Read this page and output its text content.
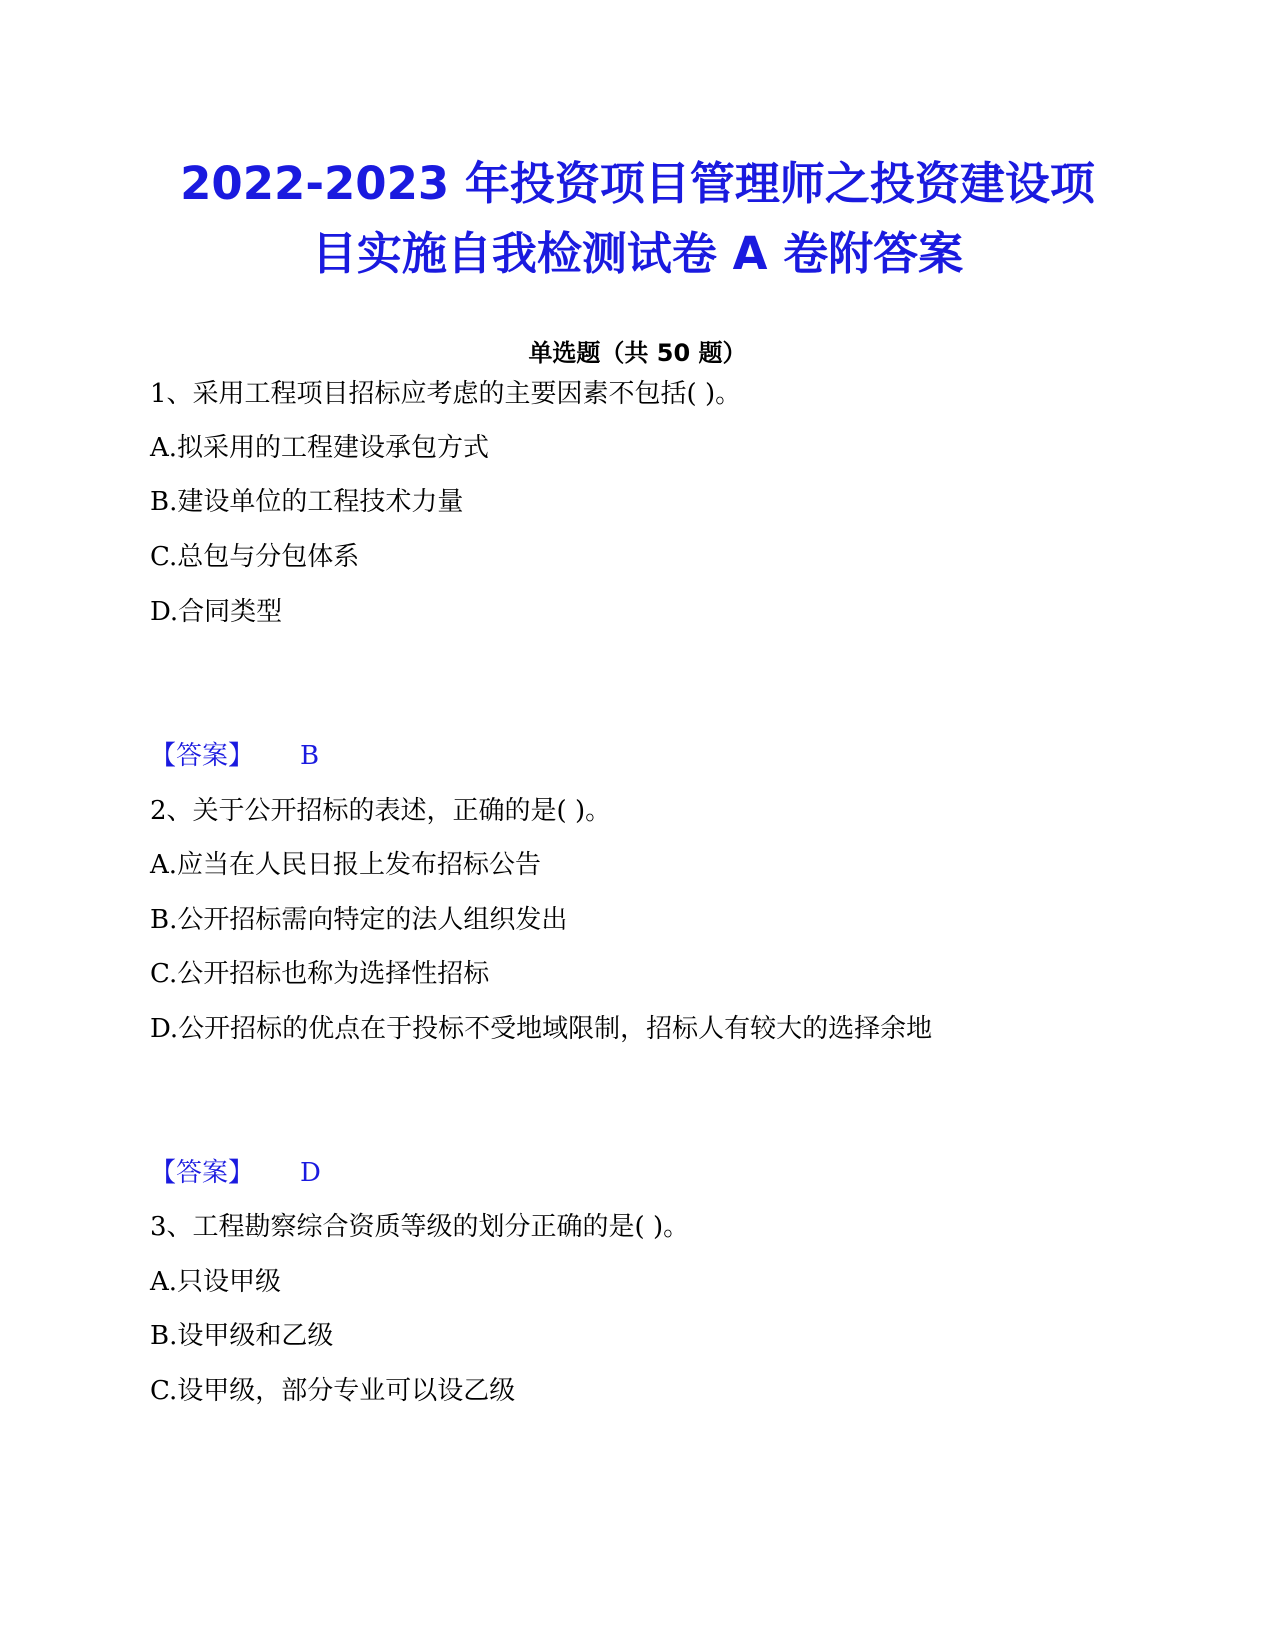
2022-2023 年投资项目管理师之投资建设项
目实施自我检测试卷 A 卷附答案
单选题（共 50 题）
1、采用工程项目招标应考虑的主要因素不包括( )。
A.拟采用的工程建设承包方式
B.建设单位的工程技术力量
C.总包与分包体系
D.合同类型
【答案】 B
2、关于公开招标的表述，正确的是( )。
A.应当在人民日报上发布招标公告
B.公开招标需向特定的法人组织发出
C.公开招标也称为选择性招标
D.公开招标的优点在于投标不受地域限制，招标人有较大的选择余地
【答案】 D
3、工程勘察综合资质等级的划分正确的是( )。
A.只设甲级
B.设甲级和乙级
C.设甲级，部分专业可以设乙级
